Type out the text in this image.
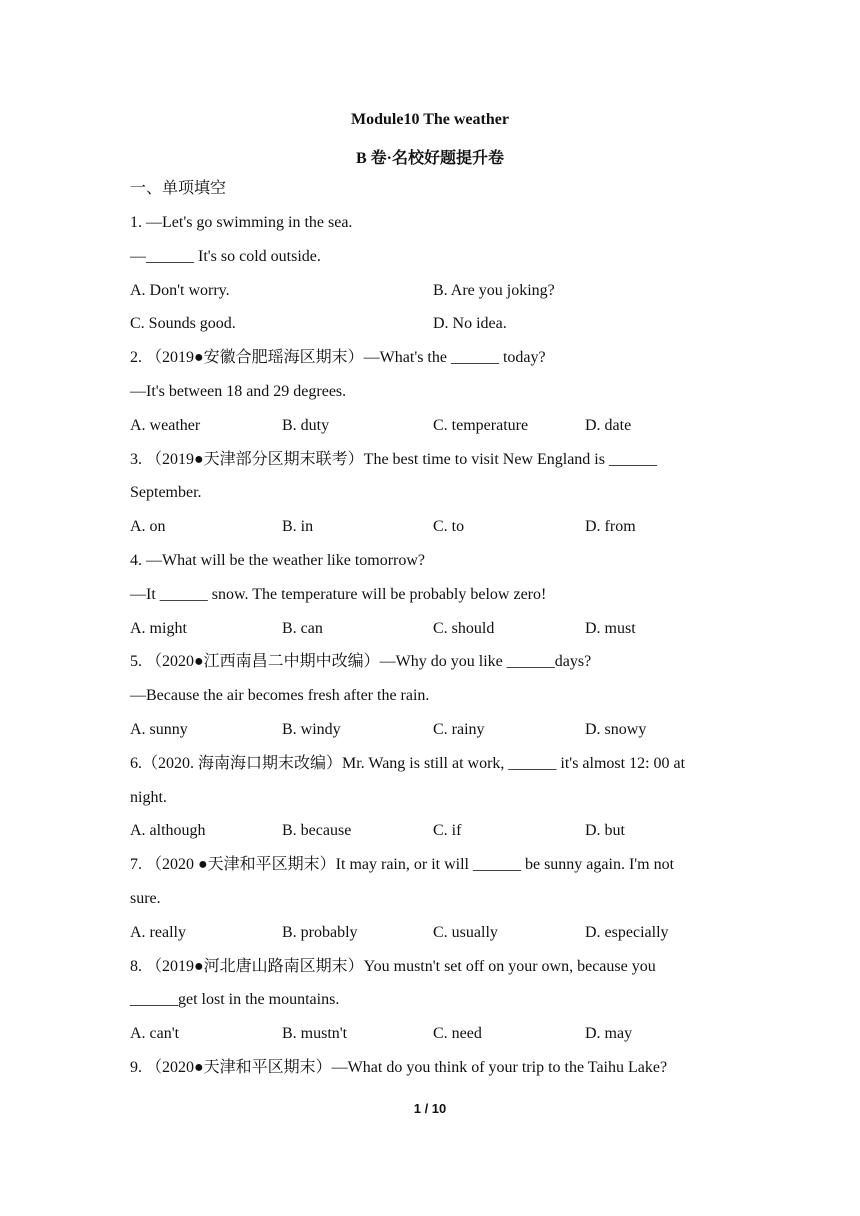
Module10 The weather
B 卷·名校好题提升卷
一、单项填空
1. —Let's go swimming in the sea.
—______ It's so cold outside.
A. Don't worry.	B. Are you joking?
C. Sounds good.	D. No idea.
2. （2019●安徽合肥瑶海区期末）—What's the ______ today?
—It's between 18 and 29 degrees.
A. weather	B. duty	C. temperature	D. date
3. （2019●天津部分区期末联考）The best time to visit New England is ______
September.
A. on	B. in	C. to	D. from
4. —What will be the weather like tomorrow?
—It ______ snow. The temperature will be probably below zero!
A. might	B. can	C. should	D. must
5. （2020●江西南昌二中期中改编）—Why do you like ______days?
—Because the air becomes fresh after the rain.
A. sunny	B. windy	C. rainy	D. snowy
6.（2020. 海南海口期末改编）Mr. Wang is still at work, ______ it's almost 12: 00 at
night.
A. although	B. because	C. if	D. but
7. （2020 ●天津和平区期末）It may rain, or it will ______ be sunny again. I'm not
sure.
A. really	B. probably	C. usually	D. especially
8. （2019●河北唐山路南区期末）You mustn't set off on your own, because you
______get lost in the mountains.
A. can't	B. mustn't	C. need	D. may
9. （2020●天津和平区期末）—What do you think of your trip to the Taihu Lake?
1 / 10
